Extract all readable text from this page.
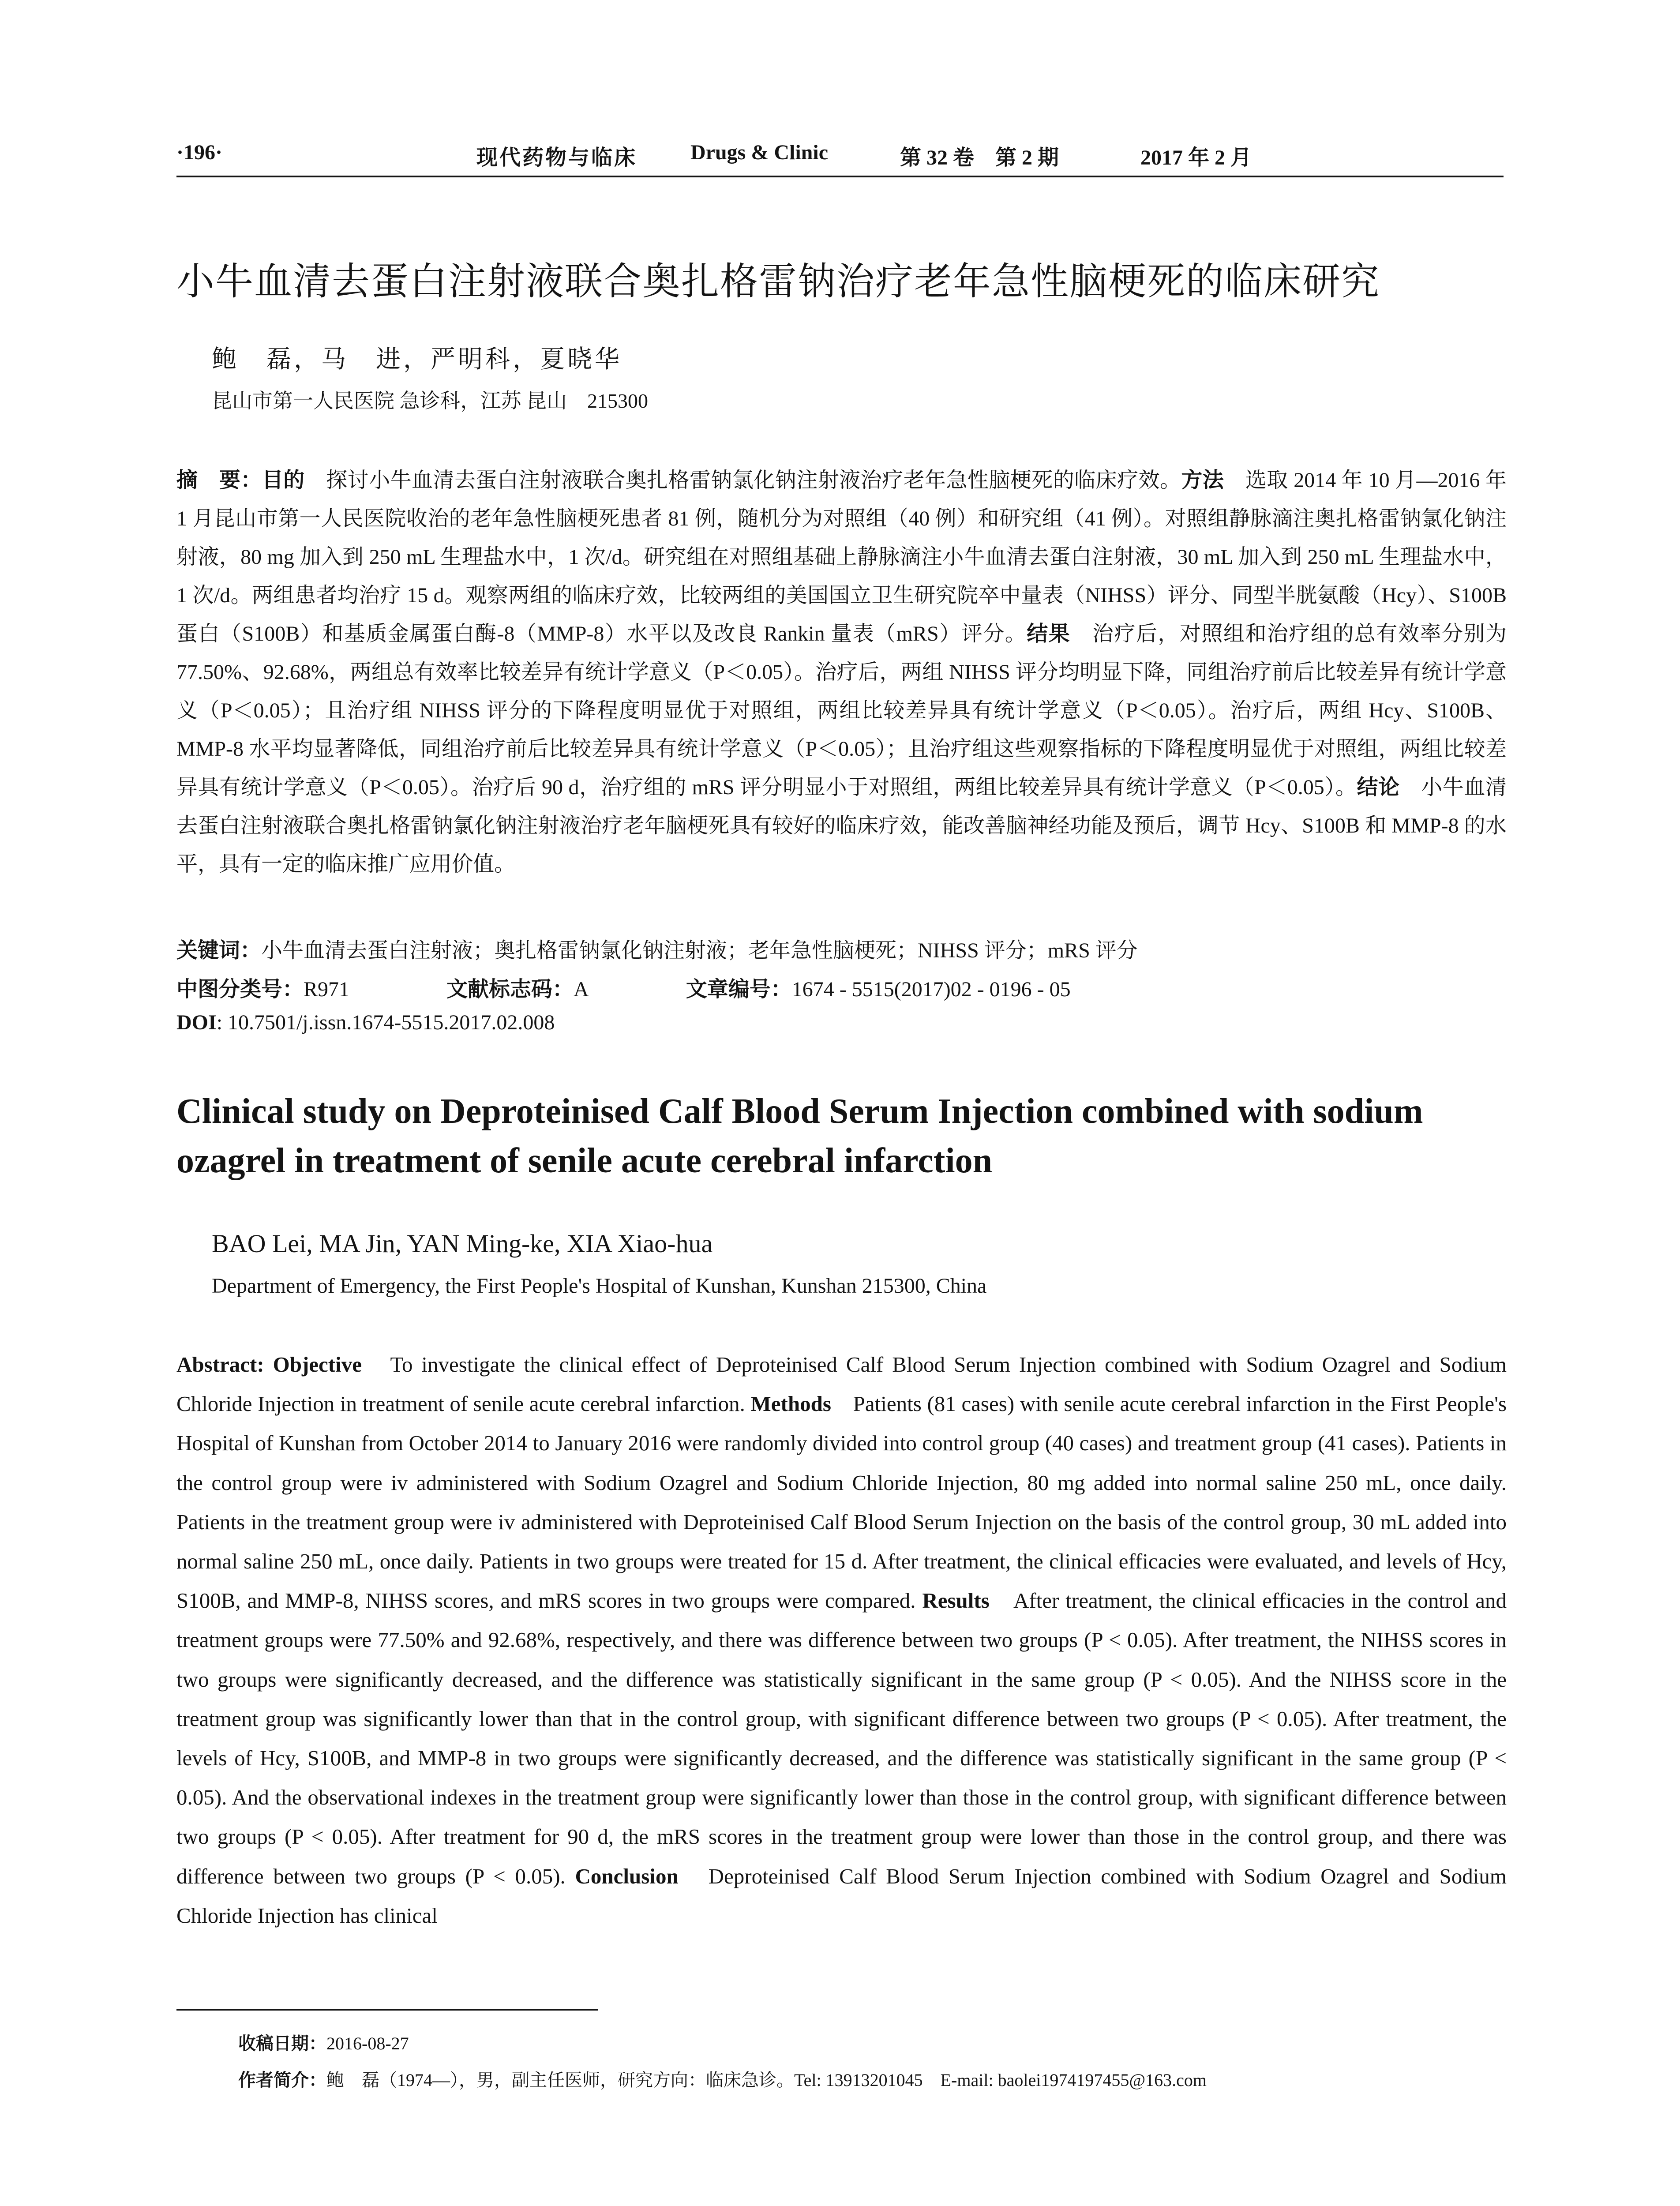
·196·	现代药物与临床	Drugs & Clinic	第 32 卷　第 2 期	2017 年 2 月
小牛血清去蛋白注射液联合奥扎格雷钠治疗老年急性脑梗死的临床研究
鲍　磊，马　进，严明科，夏晓华
昆山市第一人民医院 急诊科，江苏 昆山　215300

摘　要：目的　探讨小牛血清去蛋白注射液联合奥扎格雷钠氯化钠注射液治疗老年急性脑梗死的临床疗效。方法　选取 2014 年 10 月—2016 年 1 月昆山市第一人民医院收治的老年急性脑梗死患者 81 例，随机分为对照组（40 例）和研究组（41 例）。对照组静脉滴注奥扎格雷钠氯化钠注射液，80 mg 加入到 250 mL 生理盐水中，1 次/d。研究组在对照组基础上静脉滴注小牛血清去蛋白注射液，30 mL 加入到 250 mL 生理盐水中，1 次/d。两组患者均治疗 15 d。观察两组的临床疗效，比较两组的美国国立卫生研究院卒中量表（NIHSS）评分、同型半胱氨酸（Hcy）、S100B 蛋白（S100B）和基质金属蛋白酶-8（MMP-8）水平以及改良 Rankin 量表（mRS）评分。结果　治疗后，对照组和治疗组的总有效率分别为 77.50%、92.68%，两组总有效率比较差异有统计学意义（P＜0.05）。治疗后，两组 NIHSS 评分均明显下降，同组治疗前后比较差异有统计学意义（P＜0.05）；且治疗组 NIHSS 评分的下降程度明显优于对照组，两组比较差异具有统计学意义（P＜0.05）。治疗后，两组 Hcy、S100B、MMP-8 水平均显著降低，同组治疗前后比较差异具有统计学意义（P＜0.05）；且治疗组这些观察指标的下降程度明显优于对照组，两组比较差异具有统计学意义（P＜0.05）。治疗后 90 d，治疗组的 mRS 评分明显小于对照组，两组比较差异具有统计学意义（P＜0.05）。结论　小牛血清去蛋白注射液联合奥扎格雷钠氯化钠注射液治疗老年脑梗死具有较好的临床疗效，能改善脑神经功能及预后，调节 Hcy、S100B 和 MMP-8 的水平，具有一定的临床推广应用价值。

关键词：小牛血清去蛋白注射液；奥扎格雷钠氯化钠注射液；老年急性脑梗死；NIHSS 评分；mRS 评分
中图分类号：R971	文献标志码：A	文章编号：1674 - 5515(2017)02 - 0196 - 05
DOI: 10.7501/j.issn.1674-5515.2017.02.008
Clinical study on Deproteinised Calf Blood Serum Injection combined with sodium ozagrel in treatment of senile acute cerebral infarction
BAO Lei, MA Jin, YAN Ming-ke, XIA Xiao-hua
Department of Emergency, the First People's Hospital of Kunshan, Kunshan 215300, China

Abstract: Objective　To investigate the clinical effect of Deproteinised Calf Blood Serum Injection combined with Sodium Ozagrel and Sodium Chloride Injection in treatment of senile acute cerebral infarction. Methods　Patients (81 cases) with senile acute cerebral infarction in the First People's Hospital of Kunshan from October 2014 to January 2016 were randomly divided into control group (40 cases) and treatment group (41 cases). Patients in the control group were iv administered with Sodium Ozagrel and Sodium Chloride Injection, 80 mg added into normal saline 250 mL, once daily. Patients in the treatment group were iv administered with Deproteinised Calf Blood Serum Injection on the basis of the control group, 30 mL added into normal saline 250 mL, once daily. Patients in two groups were treated for 15 d. After treatment, the clinical efficacies were evaluated, and levels of Hcy, S100B, and MMP-8, NIHSS scores, and mRS scores in two groups were compared. Results　After treatment, the clinical efficacies in the control and treatment groups were 77.50% and 92.68%, respectively, and there was difference between two groups (P < 0.05). After treatment, the NIHSS scores in two groups were significantly decreased, and the difference was statistically significant in the same group (P < 0.05). And the NIHSS score in the treatment group was significantly lower than that in the control group, with significant difference between two groups (P < 0.05). After treatment, the levels of Hcy, S100B, and MMP-8 in two groups were significantly decreased, and the difference was statistically significant in the same group (P < 0.05). And the observational indexes in the treatment group were significantly lower than those in the control group, with significant difference between two groups (P < 0.05). After treatment for 90 d, the mRS scores in the treatment group were lower than those in the control group, and there was difference between two groups (P < 0.05). Conclusion　Deproteinised Calf Blood Serum Injection combined with Sodium Ozagrel and Sodium Chloride Injection has clinical

收稿日期：2016-08-27
作者简介：鲍　磊（1974—），男，副主任医师，研究方向：临床急诊。Tel: 13913201045　E-mail: baolei1974197455@163.com
